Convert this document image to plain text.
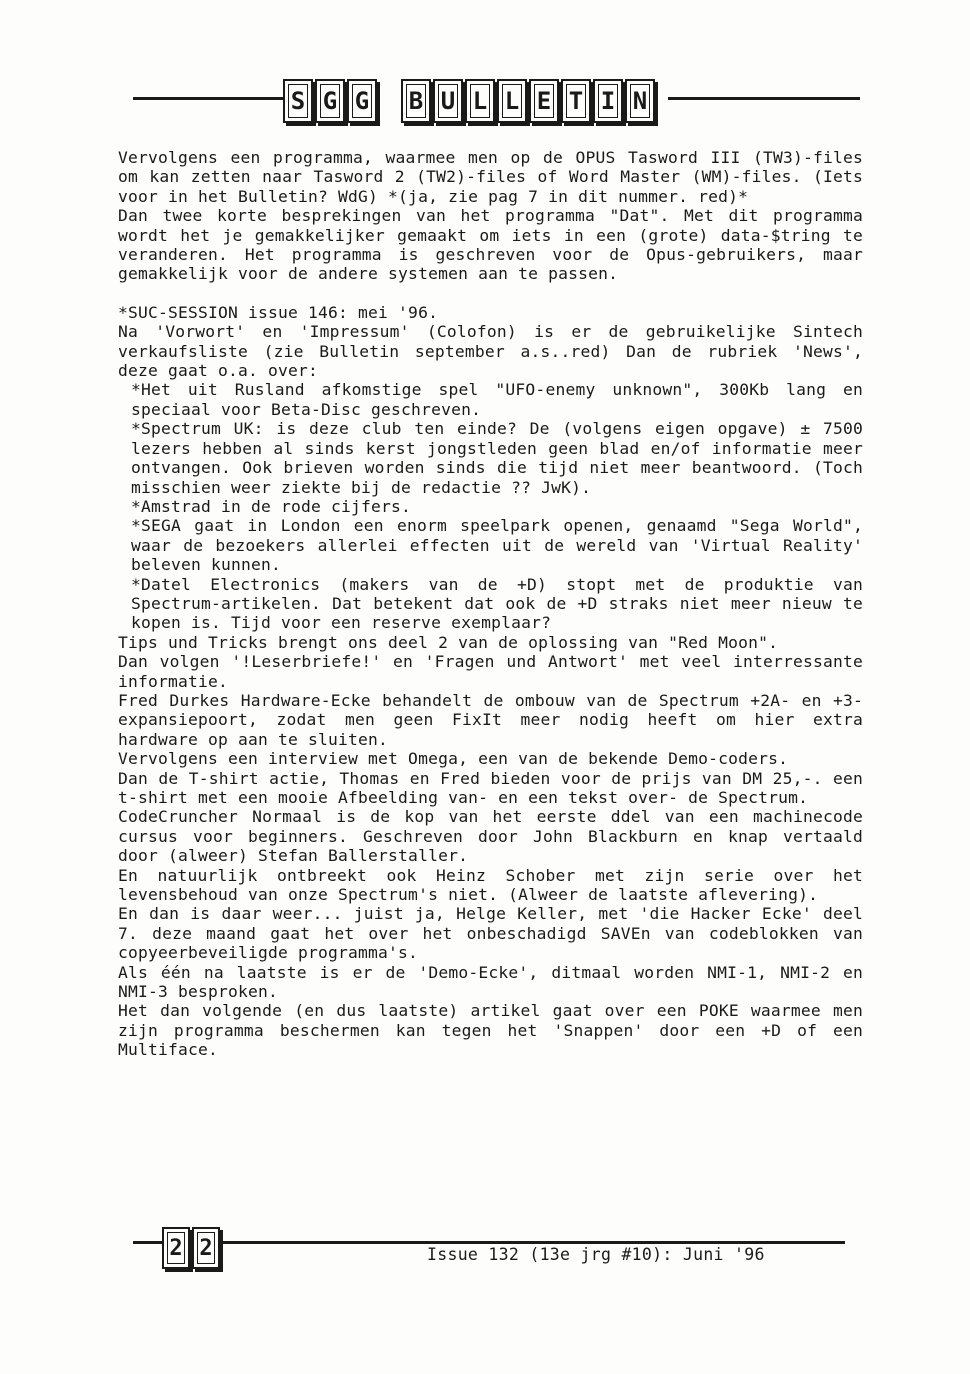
S G G	B U L L E T I N

Vervolgens een programma, waarmee men op de OPUS Tasword III (TW3)-files om kan zetten naar Tasword 2 (TW2)-files of Word Master (WM)-files. (Iets voor in het Bulletin? WdG) *(ja, zie pag 7 in dit nummer. red)*

Dan twee korte besprekingen van het programma "Dat". Met dit programma wordt het je gemakkelijker gemaakt om iets in een (grote) data-$tring te veranderen. Het programma is geschreven voor de Opus-gebruikers, maar gemakkelijk voor de andere systemen aan te passen.

*SUC-SESSION issue 146: mei '96.

Na 'Vorwort' en 'Impressum' (Colofon) is er de gebruikelijke Sintech verkaufsliste (zie Bulletin september a.s..red) Dan de rubriek 'News', deze gaat o.a. over:

*Het uit Rusland afkomstige spel "UFO-enemy unknown", 300Kb lang en speciaal voor Beta-Disc geschreven.

*Spectrum UK: is deze club ten einde? De (volgens eigen opgave) ± 7500 lezers hebben al sinds kerst jongstleden geen blad en/of informatie meer ontvangen. Ook brieven worden sinds die tijd niet meer beantwoord. (Toch misschien weer ziekte bij de redactie ?? JwK).

*Amstrad in de rode cijfers.

*SEGA gaat in London een enorm speelpark openen, genaamd "Sega World", waar de bezoekers allerlei effecten uit de wereld van 'Virtual Reality' beleven kunnen.

*Datel Electronics (makers van de +D) stopt met de produktie van Spectrum-artikelen. Dat betekent dat ook de +D straks niet meer nieuw te kopen is. Tijd voor een reserve exemplaar?

Tips und Tricks brengt ons deel 2 van de oplossing van "Red Moon".

Dan volgen '!Leserbriefe!' en 'Fragen und Antwort' met veel interressante informatie.

Fred Durkes Hardware-Ecke behandelt de ombouw van de Spectrum +2A- en +3-expansiepoort, zodat men geen FixIt meer nodig heeft om hier extra hardware op aan te sluiten.

Vervolgens een interview met Omega, een van de bekende Demo-coders.

Dan de T-shirt actie, Thomas en Fred bieden voor de prijs van DM 25,-. een t-shirt met een mooie Afbeelding van- en een tekst over- de Spectrum.

CodeCruncher Normaal is de kop van het eerste ddel van een machinecode cursus voor beginners. Geschreven door John Blackburn en knap vertaald door (alweer) Stefan Ballerstaller.

En natuurlijk ontbreekt ook Heinz Schober met zijn serie over het levensbehoud van onze Spectrum's niet. (Alweer de laatste aflevering).

En dan is daar weer... juist ja, Helge Keller, met 'die Hacker Ecke' deel 7. deze maand gaat het over het onbeschadigd SAVEn van codeblokken van copyeerbeveiligde programma's.

Als één na laatste is er de 'Demo-Ecke', ditmaal worden NMI-1, NMI-2 en NMI-3 besproken.

Het dan volgende (en dus laatste) artikel gaat over een POKE waarmee men zijn programma beschermen kan tegen het 'Snappen' door een +D of een Multiface.

2 2	Issue 132 (13e jrg #10): Juni '96
